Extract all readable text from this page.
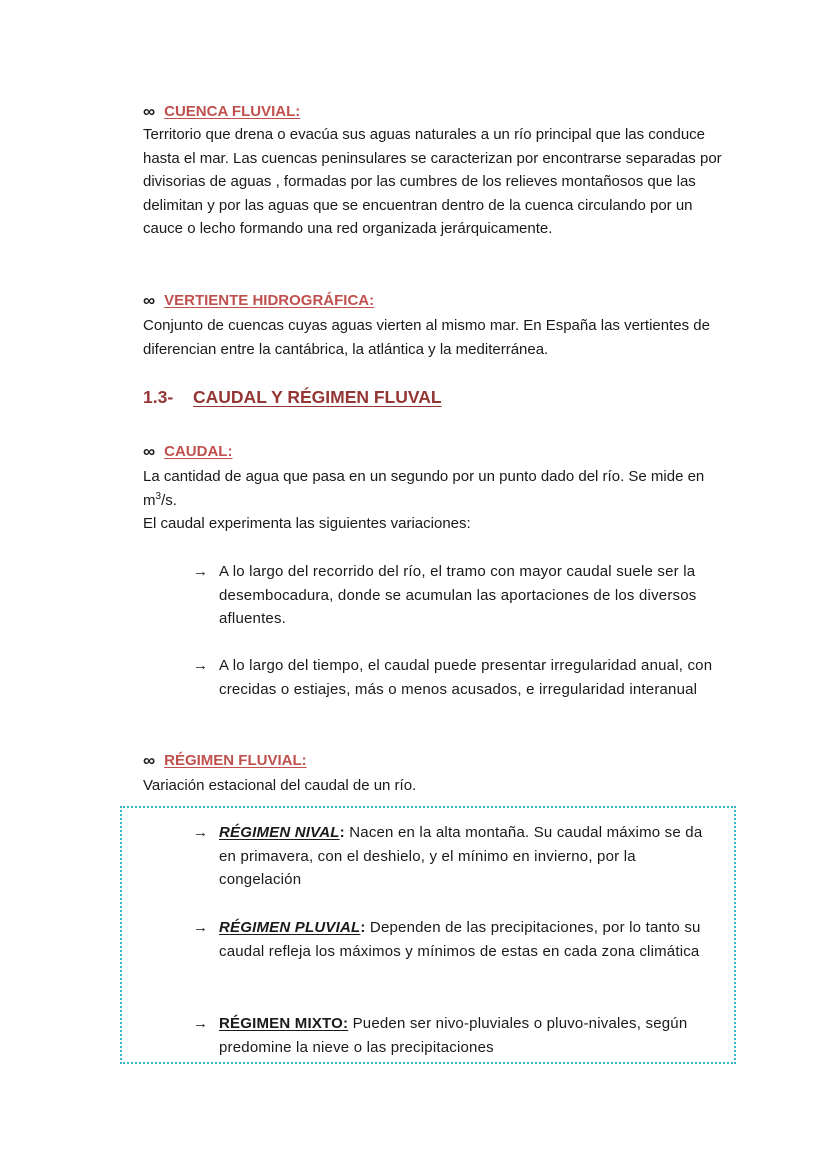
∞ CUENCA FLUVIAL:

Territorio que drena o evacúa sus aguas naturales a un río principal que las conduce hasta el mar. Las cuencas peninsulares se caracterizan por encontrarse separadas por divisorias de aguas , formadas por las cumbres de los relieves montañosos que las delimitan y por las aguas que se encuentran dentro de la cuenca circulando por un cauce o lecho formando una red organizada jerárquicamente.

∞ VERTIENTE HIDROGRÁFICA:

Conjunto de cuencas cuyas aguas vierten al mismo mar. En España las vertientes de diferencian entre la cantábrica, la atlántica y la mediterránea.

1.3- CAUDAL Y RÉGIMEN FLUVAL
∞ CAUDAL:

La cantidad de agua que pasa en un segundo por un punto dado del río. Se mide en $m^3/s$.

El caudal experimenta las siguientes variaciones:

→ A lo largo del recorrido del río, el tramo con mayor caudal suele ser la desembocadura, donde se acumulan las aportaciones de los diversos afluentes.
→ A lo largo del tiempo, el caudal puede presentar irregularidad anual, con crecidas o estiajes, más o menos acusados, e irregularidad interanual
∞ RÉGIMEN FLUVIAL:

Variación estacional del caudal de un río.

→ RÉGIMEN NIVAL: Nacen en la alta montaña. Su caudal máximo se da en primavera, con el deshielo, y el mínimo en invierno, por la congelación
→ RÉGIMEN PLUVIAL: Dependen de las precipitaciones, por lo tanto su caudal refleja los máximos y mínimos de estas en cada zona climática
→ RÉGIMEN MIXTO: Pueden ser nivo-pluviales o pluvo-nivales, según predomine la nieve o las precipitaciones
